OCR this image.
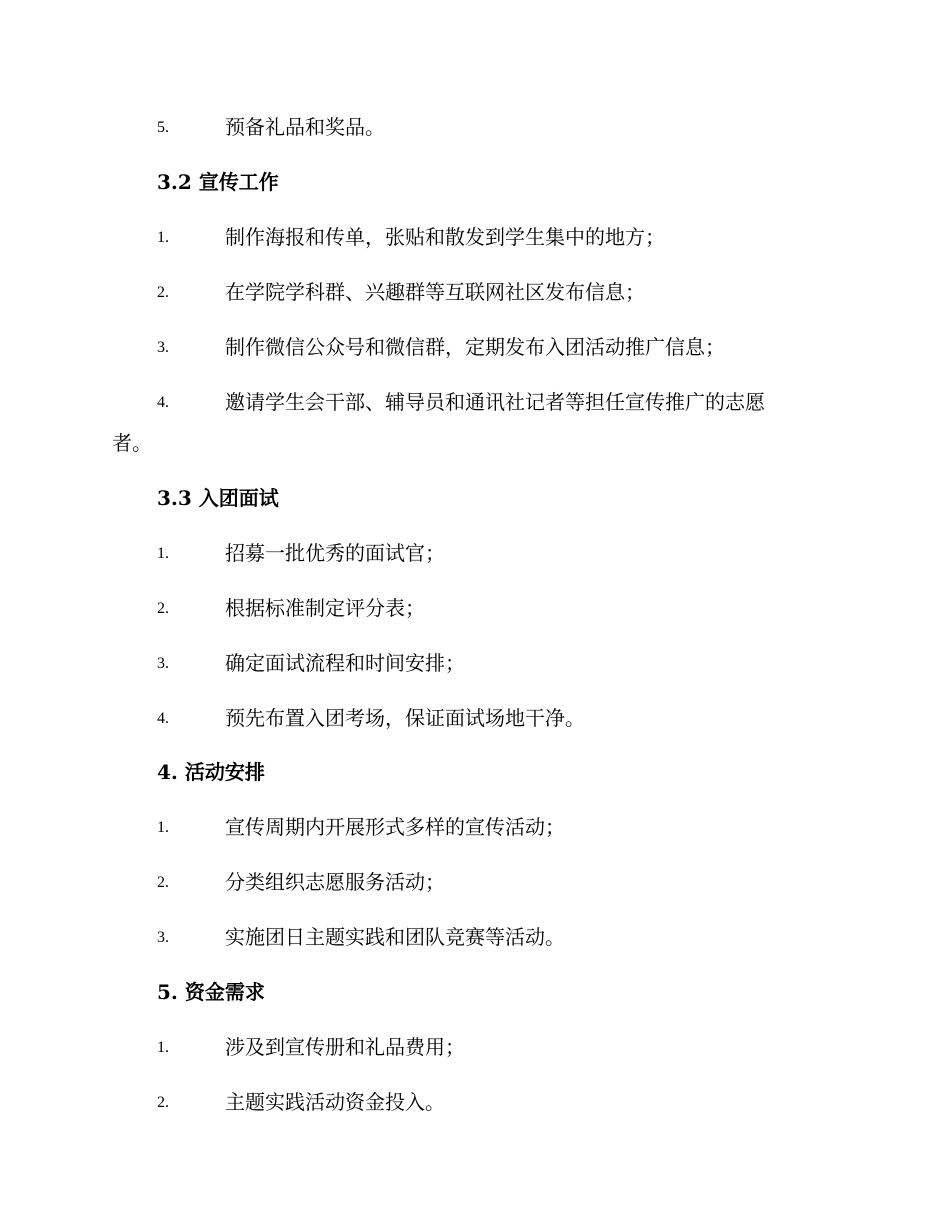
5.	预备礼品和奖品。
3.2 宣传工作
1.	制作海报和传单，张贴和散发到学生集中的地方；
2.	在学院学科群、兴趣群等互联网社区发布信息；
3.	制作微信公众号和微信群，定期发布入团活动推广信息；
4.	邀请学生会干部、辅导员和通讯社记者等担任宣传推广的志愿
者。
3.3 入团面试
1.	招募一批优秀的面试官；
2.	根据标准制定评分表；
3.	确定面试流程和时间安排；
4.	预先布置入团考场，保证面试场地干净。
4. 活动安排
1.	宣传周期内开展形式多样的宣传活动；
2.	分类组织志愿服务活动；
3.	实施团日主题实践和团队竞赛等活动。
5. 资金需求
1.	涉及到宣传册和礼品费用；
2.	主题实践活动资金投入。
